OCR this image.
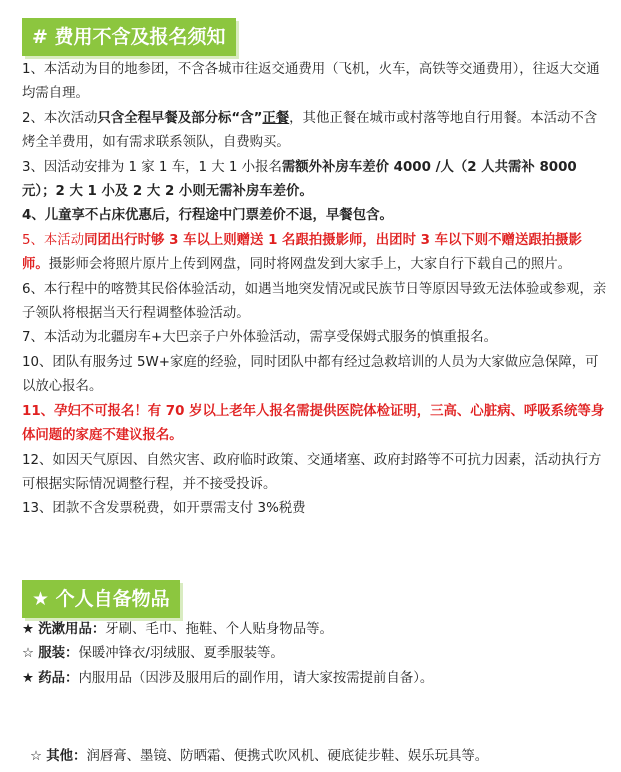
# 费用不含及报名须知

1、本活动为目的地参团，不含各城市往返交通费用（飞机，火车，高铁等交通费用），往返大交通均需自理。

2、本次活动只含全程早餐及部分标“含”正餐，其他正餐在城市或村落等地自行用餐。本活动不含烤全羊费用，如有需求联系领队，自费购买。

3、因活动安排为 1 家 1 车，1 大 1 小报名需额外补房车差价 4000 /人（2 人共需补 8000 元）；2 大 1 小及 2 大 2 小则无需补房车差价。

4、儿童享不占床优惠后，行程途中门票差价不退，早餐包含。

5、本活动同团出行时够 3 车以上则赠送 1 名跟拍摄影师，出团时 3 车以下则不赠送跟拍摄影师。摄影师会将照片原片上传到网盘，同时将网盘发到大家手上，大家自行下载自己的照片。

6、本行程中的喀赞其民俗体验活动，如遇当地突发情况或民族节日等原因导致无法体验或参观，亲子领队将根据当天行程调整体验活动。

7、本活动为北疆房车+大巴亲子户外体验活动，需享受保姆式服务的慎重报名。

10、团队有服务过 5W+家庭的经验，同时团队中都有经过急救培训的人员为大家做应急保障，可以放心报名。

11、孕妇不可报名！有 70 岁以上老年人报名需提供医院体检证明，三高、心脏病、呼吸系统等身体问题的家庭不建议报名。

12、如因天气原因、自然灾害、政府临时政策、交通堵塞、政府封路等不可抗力因素，活动执行方可根据实际情况调整行程，并不接受投诉。

13、团款不含发票税费，如开票需支付 3%税费

★ 个人自备物品

★ 洗漱用品：牙刷、毛巾、拖鞋、个人贴身物品等。

☆ 服装：保暖冲锋衣/羽绒服、夏季服装等。

★ 药品：内服用品（因涉及服用后的副作用，请大家按需提前自备）。

☆ 其他：润唇膏、墨镜、防晒霜、便携式吹风机、硬底徒步鞋、娱乐玩具等。
